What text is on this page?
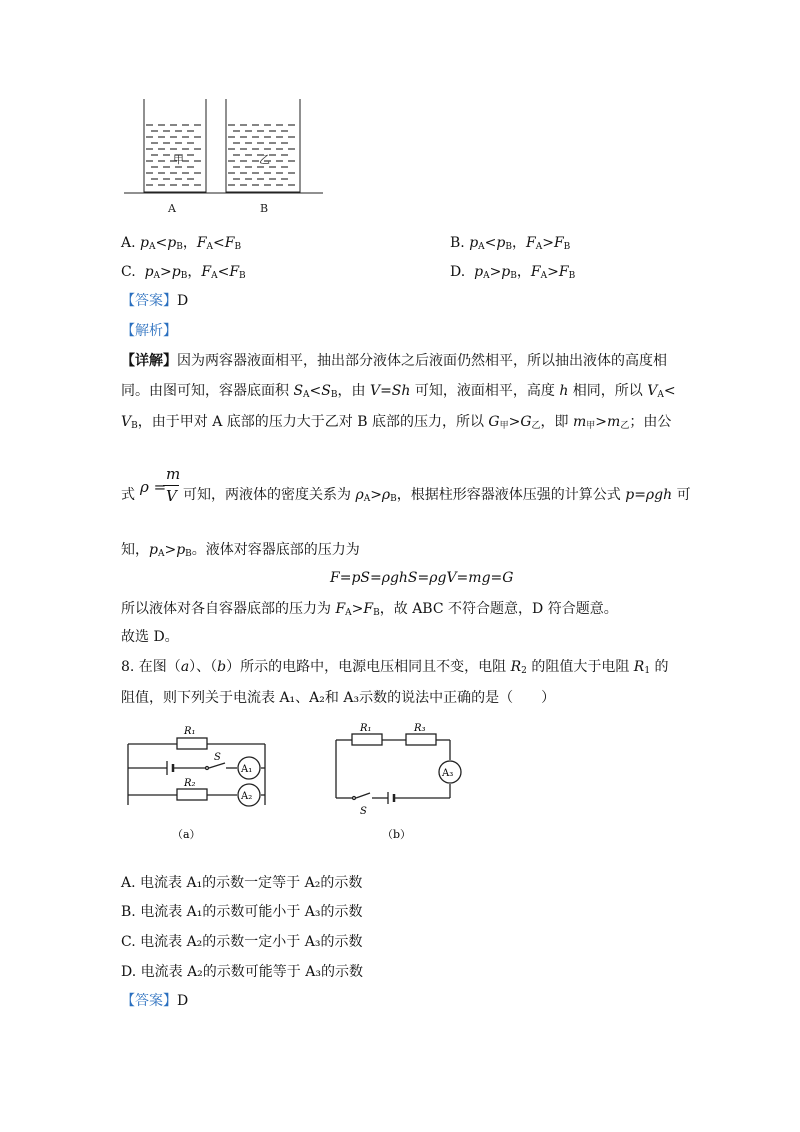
甲	乙
A	B
A. $p_A<p_B$，$F_A<F_B$	B. $p_A<p_B$，$F_A>F_B$
C. $p_A>p_B$，$F_A<F_B$	D. $p_A>p_B$，$F_A>F_B$
【答案】D
【解析】
【详解】因为两容器液面相平，抽出部分液体之后液面仍然相平，所以抽出液体的高度相
同。由图可知，容器底面积 $S_A<S_B$，由 V=Sh 可知，液面相平，高度 h 相同，所以 $V_A<$
$V_B$，由于甲对 A 底部的压力大于乙对 B 底部的压力，所以 $G_甲>G_乙$，即 $m_甲>m_乙$；由公
ρ =
m
V
式	可知，两液体的密度关系为 $\rho_A>\rho_B$，根据柱形容器液体压强的计算公式 p=ρgh 可
知，$p_A>p_B$。液体对容器底部的压力为
F=pS=ρghS=ρgV=mg=G
所以液体对各自容器底部的压力为 $F_A>F_B$，故 ABC 不符合题意，D 符合题意。
故选 D。
8. 在图（a）、（b）所示的电路中，电源电压相同且不变，电阻 $R_2$ 的阻值大于电阻 $R_1$ 的
阻值，则下列关于电流表 A₁、A₂和 A₃示数的说法中正确的是（　　）
R₁
R₂
S
A₁
A₂
（a）
R₁	R₃
S
A₃
（b）
A. 电流表 A₁的示数一定等于 A₂的示数
B. 电流表 A₁的示数可能小于 A₃的示数
C. 电流表 A₂的示数一定小于 A₃的示数
D. 电流表 A₂的示数可能等于 A₃的示数
【答案】D
